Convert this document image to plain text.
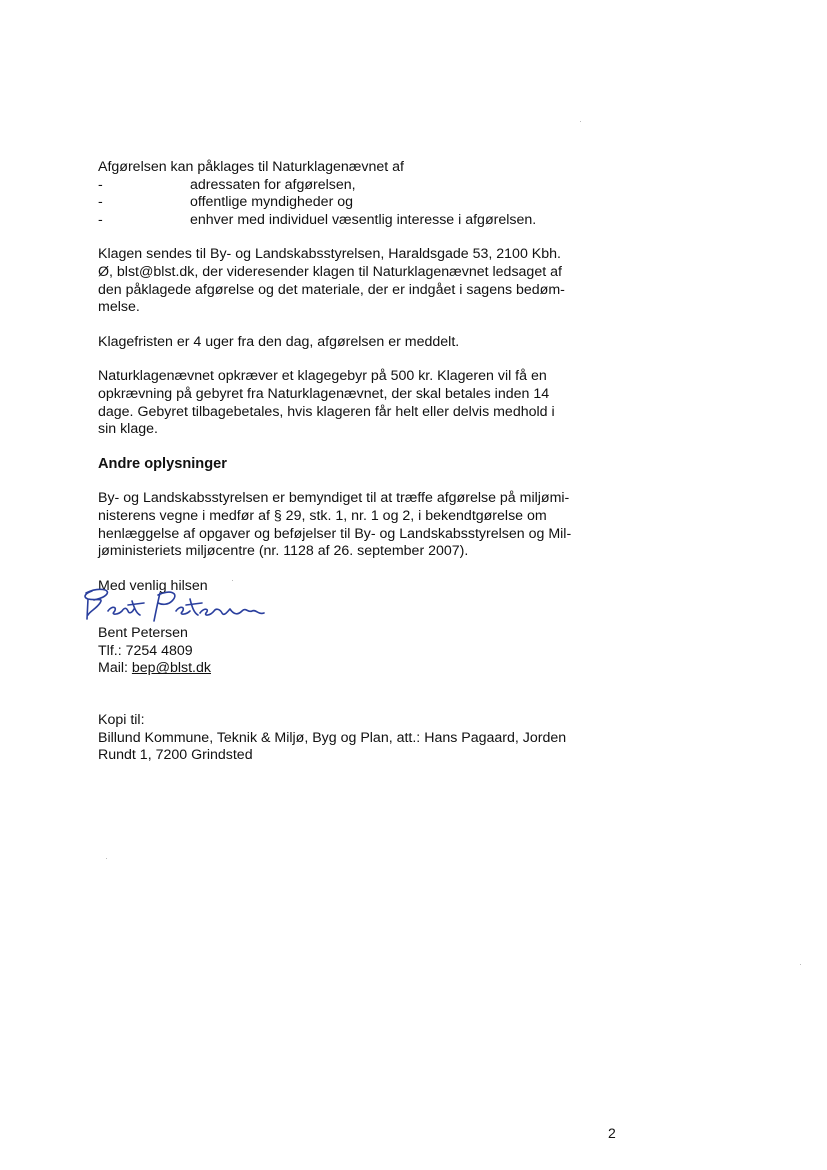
Afgørelsen kan påklages til Naturklagenævnet af

-	adressaten for afgørelsen,
-	offentlige myndigheder og
-	enhver med individuel væsentlig interesse i afgørelsen.

Klagen sendes til By- og Landskabsstyrelsen, Haraldsgade 53, 2100 Kbh.

Ø, blst@blst.dk, der videresender klagen til Naturklagenævnet ledsaget af

den påklagede afgørelse og det materiale, der er indgået i sagens bedøm-

melse.

Klagefristen er 4 uger fra den dag, afgørelsen er meddelt.

Naturklagenævnet opkræver et klagegebyr på 500 kr. Klageren vil få en

opkrævning på gebyret fra Naturklagenævnet, der skal betales inden 14

dage. Gebyret tilbagebetales, hvis klageren får helt eller delvis medhold i

sin klage.

Andre oplysninger

By- og Landskabsstyrelsen er bemyndiget til at træffe afgørelse på miljømi-

nisterens vegne i medfør af § 29, stk. 1, nr. 1 og 2, i bekendtgørelse om

henlæggelse af opgaver og beføjelser til By- og Landskabsstyrelsen og Mil-

jøministeriets miljøcentre (nr. 1128 af 26. september 2007).

Med venlig hilsen

Bent Petersen

Tlf.: 7254 4809

Mail: bep@blst.dk

Kopi til:

Billund Kommune, Teknik & Miljø, Byg og Plan, att.: Hans Pagaard, Jorden

Rundt 1, 7200 Grindsted

2
